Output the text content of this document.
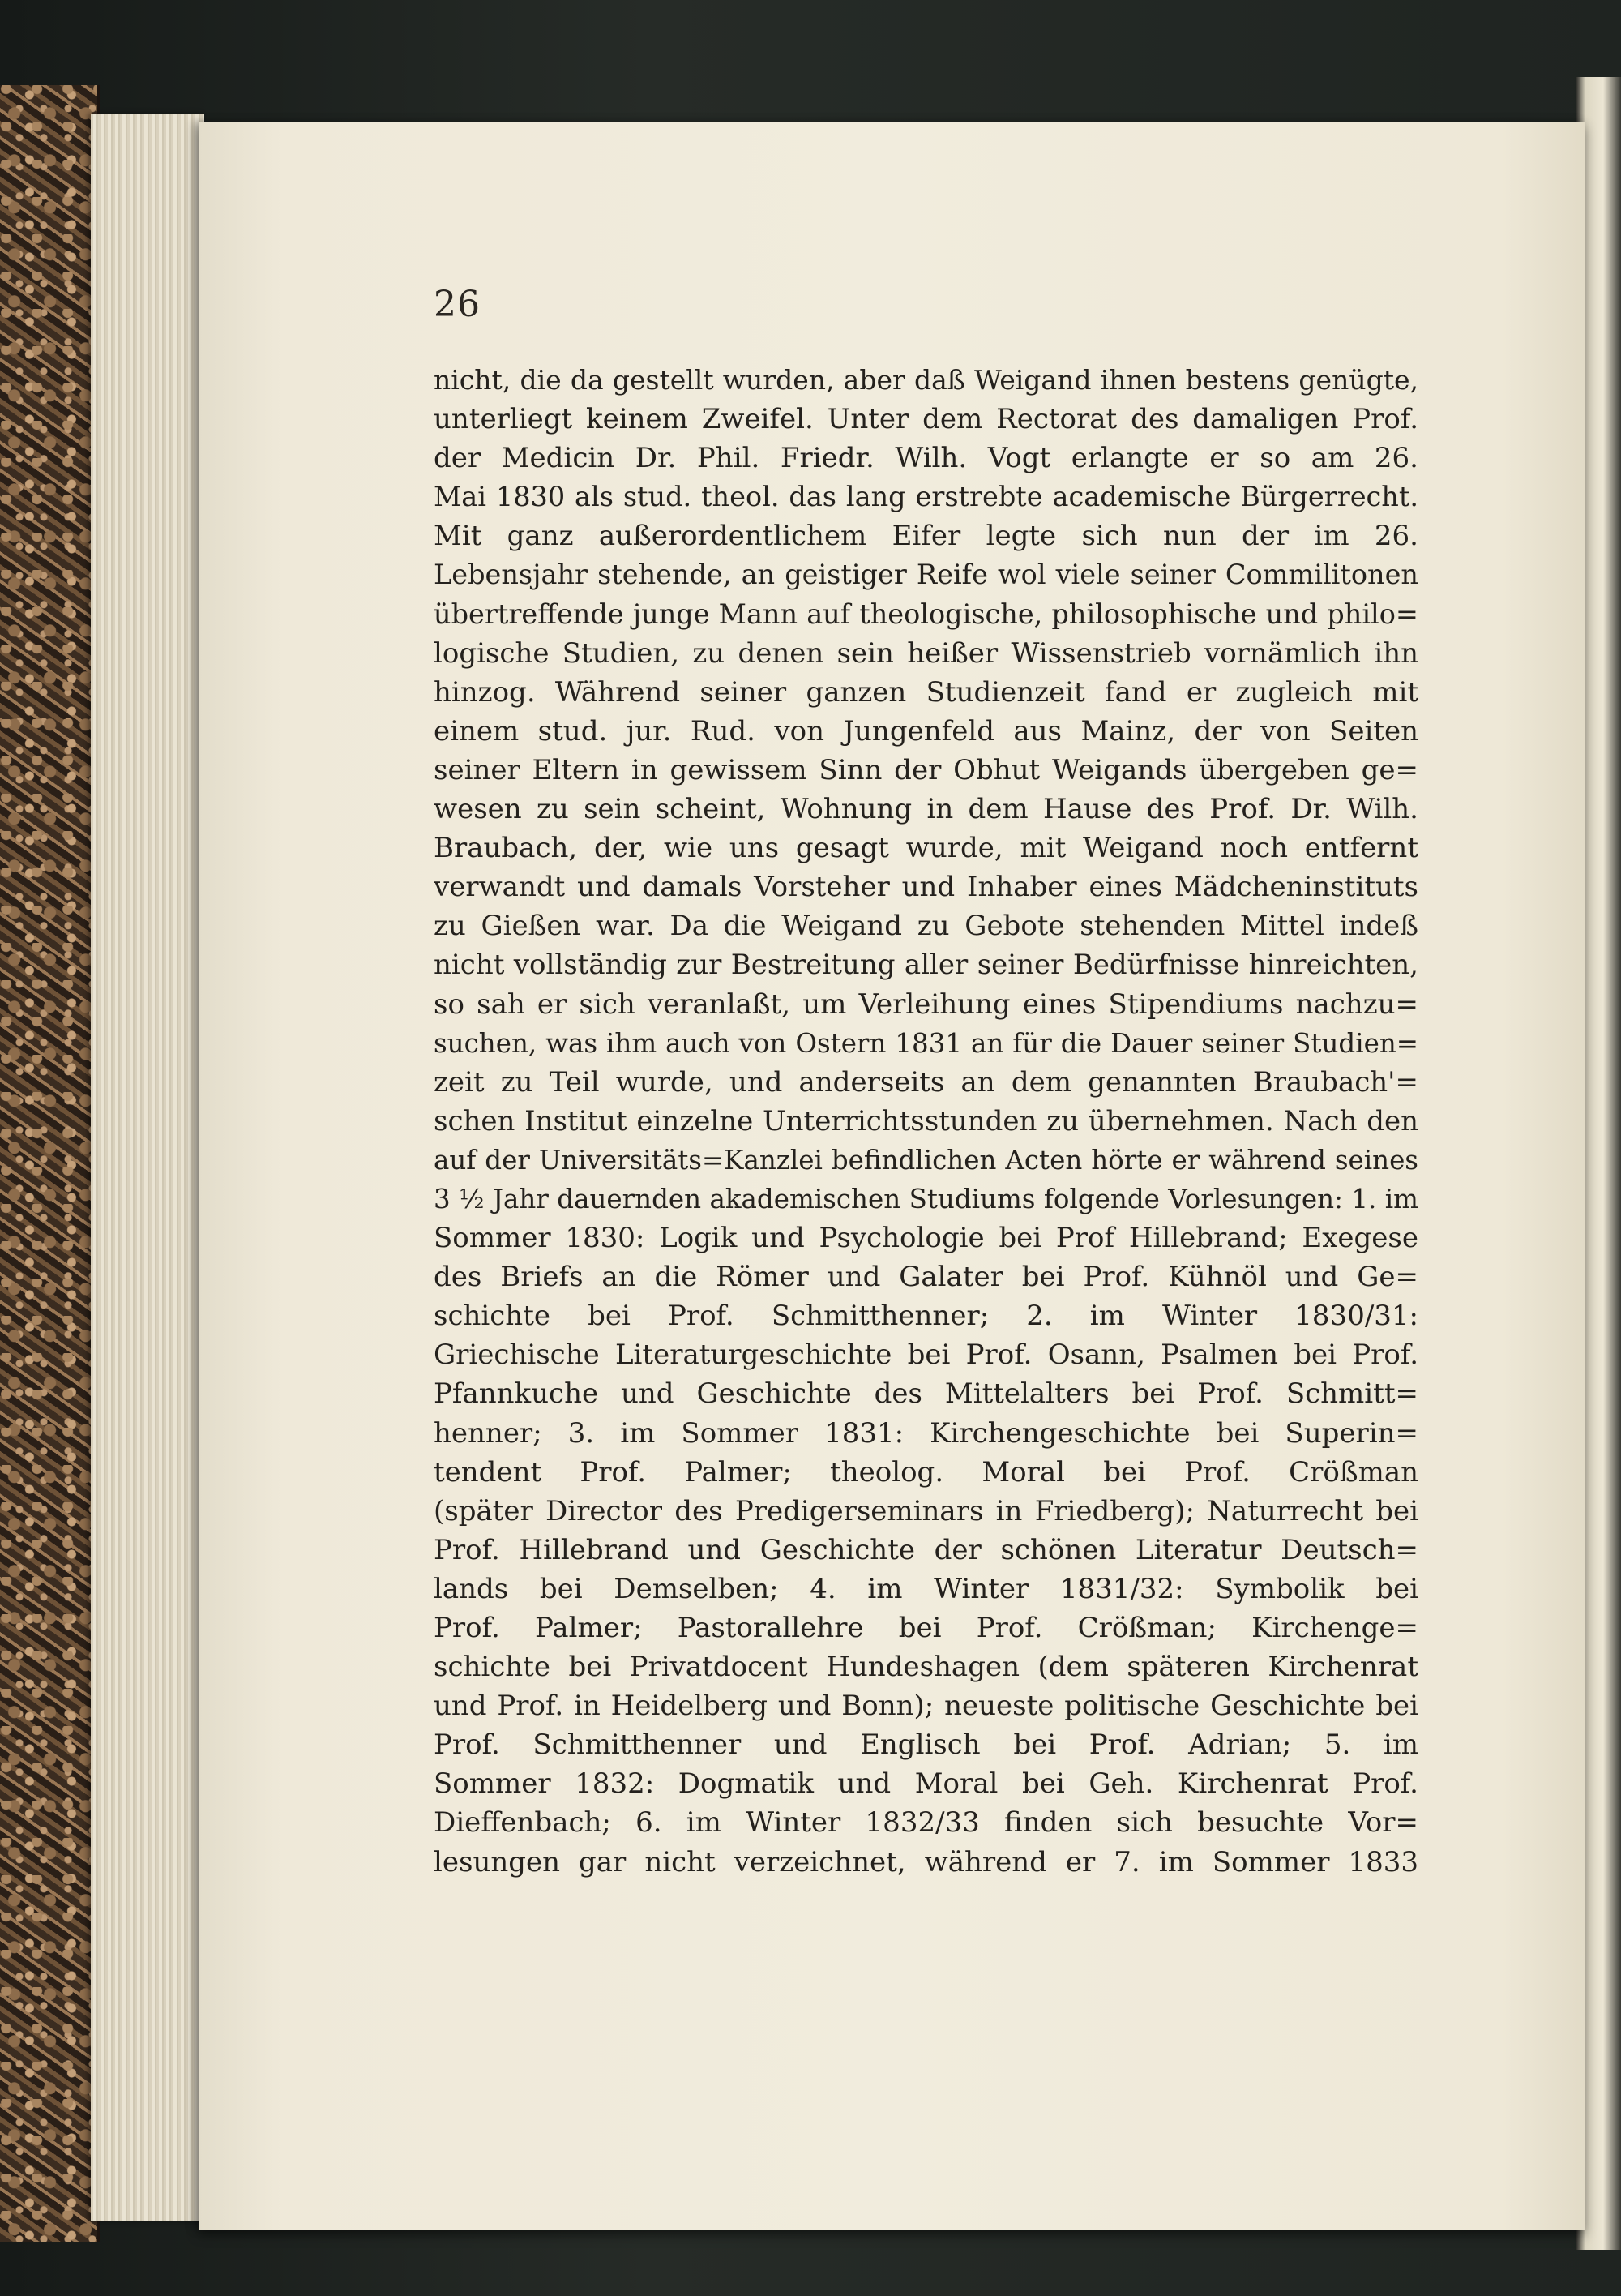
26
nicht, die da gestellt wurden, aber daß Weigand ihnen bestens genügte,
unterliegt keinem Zweifel. Unter dem Rectorat des damaligen Prof.
der Medicin Dr. Phil. Friedr. Wilh. Vogt erlangte er so am 26.
Mai 1830 als stud. theol. das lang erstrebte academische Bürgerrecht.
Mit ganz außerordentlichem Eifer legte sich nun der im 26.
Lebensjahr stehende, an geistiger Reife wol viele seiner Commilitonen
übertreffende junge Mann auf theologische, philosophische und philo=
logische Studien, zu denen sein heißer Wissenstrieb vornämlich ihn
hinzog. Während seiner ganzen Studienzeit fand er zugleich mit
einem stud. jur. Rud. von Jungenfeld aus Mainz, der von Seiten
seiner Eltern in gewissem Sinn der Obhut Weigands übergeben ge=
wesen zu sein scheint, Wohnung in dem Hause des Prof. Dr. Wilh.
Braubach, der, wie uns gesagt wurde, mit Weigand noch entfernt
verwandt und damals Vorsteher und Inhaber eines Mädcheninstituts
zu Gießen war. Da die Weigand zu Gebote stehenden Mittel indeß
nicht vollständig zur Bestreitung aller seiner Bedürfnisse hinreichten,
so sah er sich veranlaßt, um Verleihung eines Stipendiums nachzu=
suchen, was ihm auch von Ostern 1831 an für die Dauer seiner Studien=
zeit zu Teil wurde, und anderseits an dem genannten Braubach'=
schen Institut einzelne Unterrichtsstunden zu übernehmen. Nach den
auf der Universitäts=Kanzlei befindlichen Acten hörte er während seines
3 ½ Jahr dauernden akademischen Studiums folgende Vorlesungen: 1. im
Sommer 1830: Logik und Psychologie bei Prof Hillebrand; Exegese
des Briefs an die Römer und Galater bei Prof. Kühnöl und Ge=
schichte bei Prof. Schmitthenner; 2. im Winter 1830/31:
Griechische Literaturgeschichte bei Prof. Osann, Psalmen bei Prof.
Pfannkuche und Geschichte des Mittelalters bei Prof. Schmitt=
henner; 3. im Sommer 1831: Kirchengeschichte bei Superin=
tendent Prof. Palmer; theolog. Moral bei Prof. Crößman
(später Director des Predigerseminars in Friedberg); Naturrecht bei
Prof. Hillebrand und Geschichte der schönen Literatur Deutsch=
lands bei Demselben; 4. im Winter 1831/32: Symbolik bei
Prof. Palmer; Pastorallehre bei Prof. Crößman; Kirchenge=
schichte bei Privatdocent Hundeshagen (dem späteren Kirchenrat
und Prof. in Heidelberg und Bonn); neueste politische Geschichte bei
Prof. Schmitthenner und Englisch bei Prof. Adrian; 5. im
Sommer 1832: Dogmatik und Moral bei Geh. Kirchenrat Prof.
Dieffenbach; 6. im Winter 1832/33 finden sich besuchte Vor=
lesungen gar nicht verzeichnet, während er 7. im Sommer 1833
